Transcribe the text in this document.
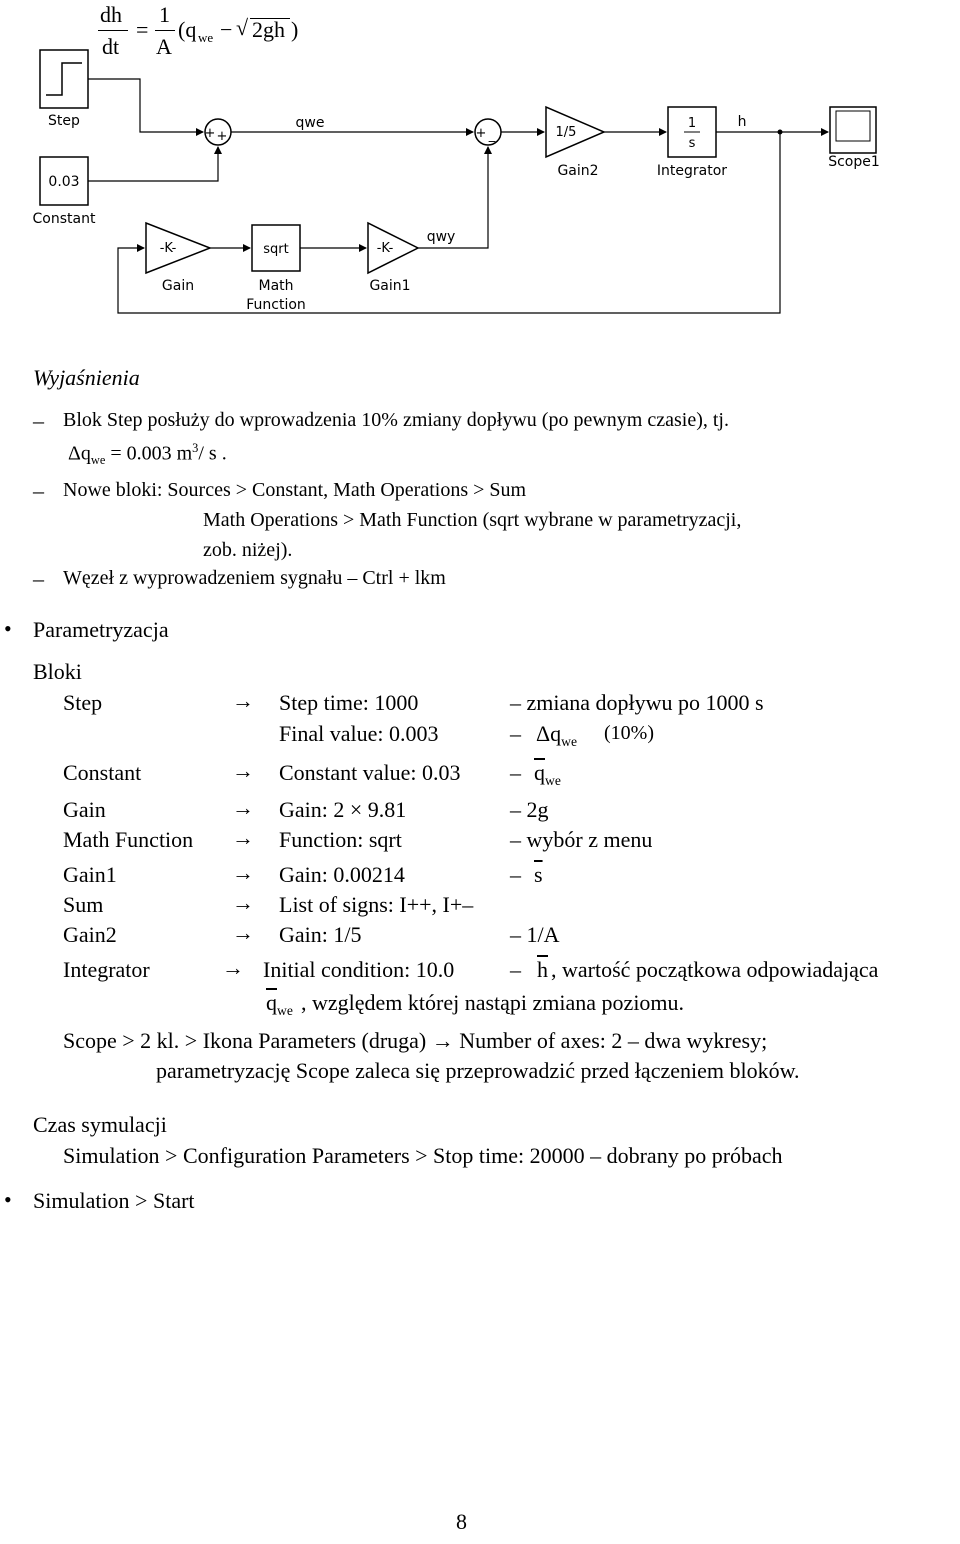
dh
dt
=
1
A
(q we − √ 2gh )
Step
0.03
Constant
+ +
qwe
+ _	1/5
Gain2
1
s
Integrator
h
Scope1
-K-
Gain
sqrt
Math
Function
-K-
Gain1
qwy
Wyjaśnienia
– Blok Step posłuży do wprowadzenia 10% zmiany dopływu (po pewnym czasie), tj.
$\Delta q_{we} = 0.003$ $m^3/$ s .
– Nowe bloki: Sources > Constant, Math Operations > Sum
Math Operations > Math Function (sqrt wybrane w parametryzacji,
zob. niżej).
– Węzeł z wyprowadzeniem sygnału – Ctrl + lkm
• Parametryzacja
Bloki
Step	→ Step time: 1000	– zmiana dopływu po 1000 s
Final value: 0.003	– $\Delta q_{we}$ (10%)
Constant	→ Constant value: $0.03 - \overline{q}_{we}$
Gain	→ Gain: 2 × 9.81	– 2g
Math Function → Function: sqrt	– wybór z menu
Gain1	→ Gain: 0.00214	– $\overline{s}$
Sum	→ List of signs: I++, I+–
Gain2	→ Gain: 1/5	– 1/A
Integrator	→ Initial condition: 10.0	– $\overline{h}$ , wartość początkowa odpowiadająca
$\overline{q}_{we}$ , względem której nastąpi zmiana poziomu.
Scope > 2 kl. > Ikona Parameters (druga) → Number of axes: 2 – dwa wykresy;
parametryzację Scope zaleca się przeprowadzić przed łączeniem bloków.
Czas symulacji
Simulation > Configuration Parameters > Stop time: 20000 – dobrany po próbach
• Simulation > Start
8
